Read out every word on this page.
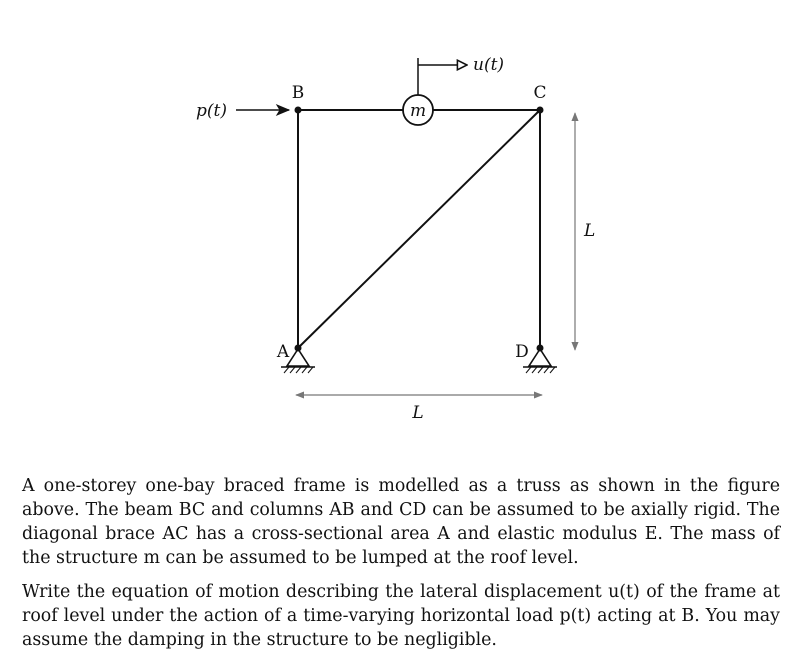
m
u(t)
p(t)
B	C
A	D
L
L

A one-storey one-bay braced frame is modelled as a truss as shown in the figure above. The beam BC and columns AB and CD can be assumed to be axially rigid. The diagonal brace AC has a cross-sectional area A and elastic modulus E. The mass of the structure m can be assumed to be lumped at the roof level.

Write the equation of motion describing the lateral displacement u(t) of the frame at roof level under the action of a time-varying horizontal load p(t) acting at B. You may assume the damping in the structure to be negligible.
